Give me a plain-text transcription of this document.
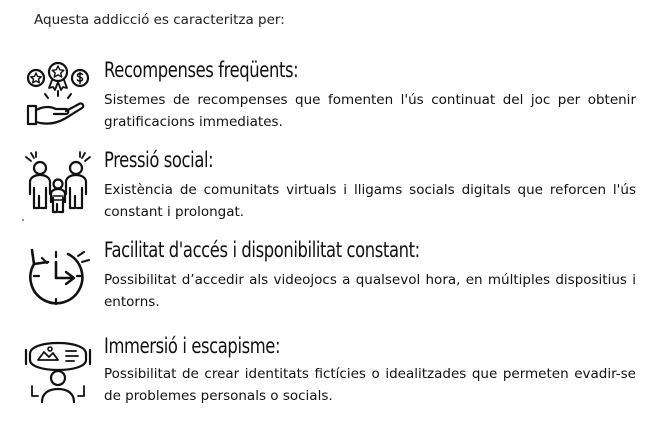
Aquesta addicció es caracteritza per:
Recompenses freqüents:
Sistemes de recompenses que fomenten l'ús continuat del joc per obtenir gratificacions immediates.
Pressió social:
Existència de comunitats virtuals i lligams socials digitals que reforcen l'ús constant i prolongat.
Facilitat d'accés i disponibilitat constant:
Possibilitat d’accedir als videojocs a qualsevol hora, en múltiples dispositius i entorns.
Immersió i escapisme:
Possibilitat de crear identitats fictícies o idealitzades que permeten evadir-se de problemes personals o socials.
